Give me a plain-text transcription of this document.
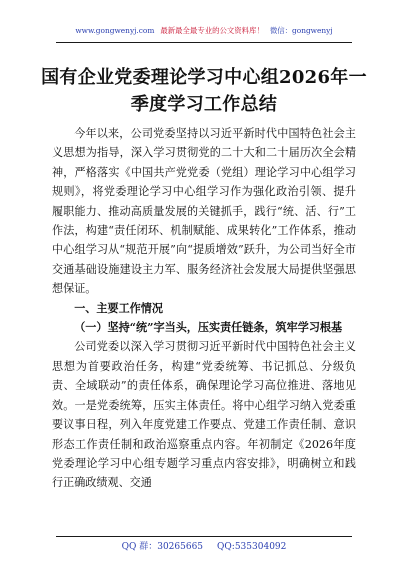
www.gongwenyj.com 最新最全最专业的公文资料库！ 微信：gongwenyj
国有企业党委理论学习中心组2026年一季度学习工作总结

今年以来，公司党委坚持以习近平新时代中国特色社会主义思想为指导，深入学习贯彻党的二十大和二十届历次全会精神，严格落实《中国共产党党委（党组）理论学习中心组学习规则》，将党委理论学习中心组学习作为强化政治引领、提升履职能力、推动高质量发展的关键抓手，践行“统、活、行”工作法，构建“责任闭环、机制赋能、成果转化”工作体系，推动中心组学习从“规范开展”向“提质增效”跃升，为公司当好全市交通基础设施建设主力军、服务经济社会发展大局提供坚强思想保证。

一、主要工作情况

（一）坚持“统”字当头，压实责任链条，筑牢学习根基

公司党委以深入学习贯彻习近平新时代中国特色社会主义思想为首要政治任务，构建“党委统筹、书记抓总、分级负责、全域联动”的责任体系，确保理论学习高位推进、落地见效。一是党委统筹，压实主体责任。将中心组学习纳入党委重要议事日程，列入年度党建工作要点、党建工作责任制、意识形态工作责任制和政治巡察重点内容。年初制定《2026年度党委理论学习中心组专题学习重点内容安排》，明确树立和践行正确政绩观、交通

QQ 群：30265665 QQ:535304092
